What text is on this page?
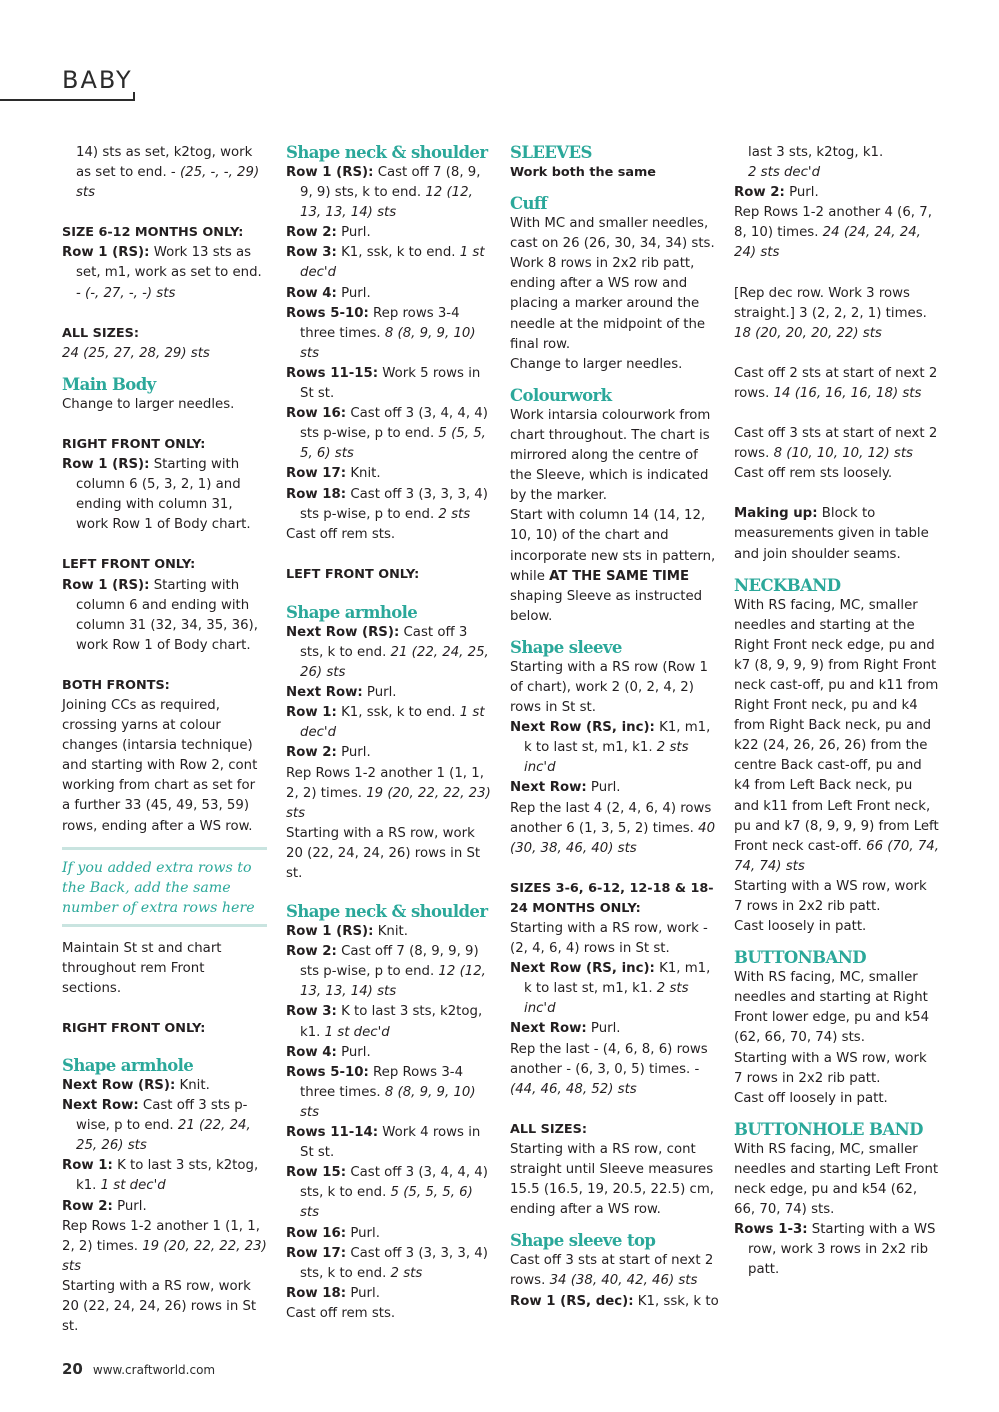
BABY

14) sts as set, k2tog, work as set to end. - (25, -, -, 29) sts

SIZE 6-12 MONTHS ONLY:

Row 1 (RS): Work 13 sts as set, m1, work as set to end. - (-, 27, -, -) sts

ALL SIZES:

24 (25, 27, 28, 29) sts

Main Body

Change to larger needles.

RIGHT FRONT ONLY:

Row 1 (RS): Starting with column 6 (5, 3, 2, 1) and ending with column 31, work Row 1 of Body chart.

LEFT FRONT ONLY:

Row 1 (RS): Starting with column 6 and ending with column 31 (32, 34, 35, 36), work Row 1 of Body chart.

BOTH FRONTS:

Joining CCs as required, crossing yarns at colour changes (intarsia technique) and starting with Row 2, cont working from chart as set for a further 33 (45, 49, 53, 59) rows, ending after a WS row.

If you added extra rows to the Back, add the same number of extra rows here

Maintain St st and chart throughout rem Front sections.

RIGHT FRONT ONLY:

Shape armhole

Next Row (RS): Knit.

Next Row: Cast off 3 sts p-wise, p to end. 21 (22, 24, 25, 26) sts

Row 1: K to last 3 sts, k2tog, k1. 1 st dec'd

Row 2: Purl.

Rep Rows 1-2 another 1 (1, 1, 2, 2) times. 19 (20, 22, 22, 23) sts

Starting with a RS row, work 20 (22, 24, 24, 26) rows in St st.

Shape neck & shoulder

Row 1 (RS): Cast off 7 (8, 9, 9, 9) sts, k to end. 12 (12, 13, 13, 14) sts

Row 2: Purl.

Row 3: K1, ssk, k to end. 1 st dec'd

Row 4: Purl.

Rows 5-10: Rep rows 3-4 three times. 8 (8, 9, 9, 10) sts

Rows 11-15: Work 5 rows in St st.

Row 16: Cast off 3 (3, 4, 4, 4) sts p-wise, p to end. 5 (5, 5, 5, 6) sts

Row 17: Knit.

Row 18: Cast off 3 (3, 3, 3, 4) sts p-wise, p to end. 2 sts

Cast off rem sts.

LEFT FRONT ONLY:

Shape armhole

Next Row (RS): Cast off 3 sts, k to end. 21 (22, 24, 25, 26) sts

Next Row: Purl.

Row 1: K1, ssk, k to end. 1 st dec'd

Row 2: Purl.

Rep Rows 1-2 another 1 (1, 1, 2, 2) times. 19 (20, 22, 22, 23) sts

Starting with a RS row, work 20 (22, 24, 24, 26) rows in St st.

Shape neck & shoulder

Row 1 (RS): Knit.

Row 2: Cast off 7 (8, 9, 9, 9) sts p-wise, p to end. 12 (12, 13, 13, 14) sts

Row 3: K to last 3 sts, k2tog, k1. 1 st dec'd

Row 4: Purl.

Rows 5-10: Rep Rows 3-4 three times. 8 (8, 9, 9, 10) sts

Rows 11-14: Work 4 rows in St st.

Row 15: Cast off 3 (3, 4, 4, 4) sts, k to end. 5 (5, 5, 5, 6) sts

Row 16: Purl.

Row 17: Cast off 3 (3, 3, 3, 4) sts, k to end. 2 sts

Row 18: Purl.

Cast off rem sts.

SLEEVES

Work both the same

Cuff

With MC and smaller needles, cast on 26 (26, 30, 34, 34) sts.

Work 8 rows in 2x2 rib patt, ending after a WS row and placing a marker around the needle at the midpoint of the final row.

Change to larger needles.

Colourwork

Work intarsia colourwork from chart throughout. The chart is mirrored along the centre of the Sleeve, which is indicated by the marker.

Start with column 14 (14, 12, 10, 10) of the chart and incorporate new sts in pattern, while AT THE SAME TIME shaping Sleeve as instructed below.

Shape sleeve

Starting with a RS row (Row 1 of chart), work 2 (0, 2, 4, 2) rows in St st.

Next Row (RS, inc): K1, m1, k to last st, m1, k1. 2 sts inc'd

Next Row: Purl.

Rep the last 4 (2, 4, 6, 4) rows another 6 (1, 3, 5, 2) times. 40 (30, 38, 46, 40) sts

SIZES 3-6, 6-12, 12-18 & 18-24 MONTHS ONLY:

Starting with a RS row, work - (2, 4, 6, 4) rows in St st.

Next Row (RS, inc): K1, m1, k to last st, m1, k1. 2 sts inc'd

Next Row: Purl.

Rep the last - (4, 6, 8, 6) rows another - (6, 3, 0, 5) times. - (44, 46, 48, 52) sts

ALL SIZES:

Starting with a RS row, cont straight until Sleeve measures 15.5 (16.5, 19, 20.5, 22.5) cm, ending after a WS row.

Shape sleeve top

Cast off 3 sts at start of next 2 rows. 34 (38, 40, 42, 46) sts

Row 1 (RS, dec): K1, ssk, k to

last 3 sts, k2tog, k1.

2 sts dec'd

Row 2: Purl.

Rep Rows 1-2 another 4 (6, 7, 8, 10) times. 24 (24, 24, 24, 24) sts

[Rep dec row. Work 3 rows straight.] 3 (2, 2, 2, 1) times. 18 (20, 20, 20, 22) sts

Cast off 2 sts at start of next 2 rows. 14 (16, 16, 16, 18) sts

Cast off 3 sts at start of next 2 rows. 8 (10, 10, 10, 12) sts

Cast off rem sts loosely.

Making up: Block to measurements given in table and join shoulder seams.

NECKBAND

With RS facing, MC, smaller needles and starting at the Right Front neck edge, pu and k7 (8, 9, 9, 9) from Right Front neck cast-off, pu and k11 from Right Front neck, pu and k4 from Right Back neck, pu and k22 (24, 26, 26, 26) from the centre Back cast-off, pu and k4 from Left Back neck, pu and k11 from Left Front neck, pu and k7 (8, 9, 9, 9) from Left Front neck cast-off. 66 (70, 74, 74, 74) sts

Starting with a WS row, work 7 rows in 2x2 rib patt.

Cast loosely in patt.

BUTTONBAND

With RS facing, MC, smaller needles and starting at Right Front lower edge, pu and k54 (62, 66, 70, 74) sts.

Starting with a WS row, work 7 rows in 2x2 rib patt.

Cast off loosely in patt.

BUTTONHOLE BAND

With RS facing, MC, smaller needles and starting Left Front neck edge, pu and k54 (62, 66, 70, 74) sts.

Rows 1-3: Starting with a WS row, work 3 rows in 2x2 rib patt.

20 www.craftworld.com
